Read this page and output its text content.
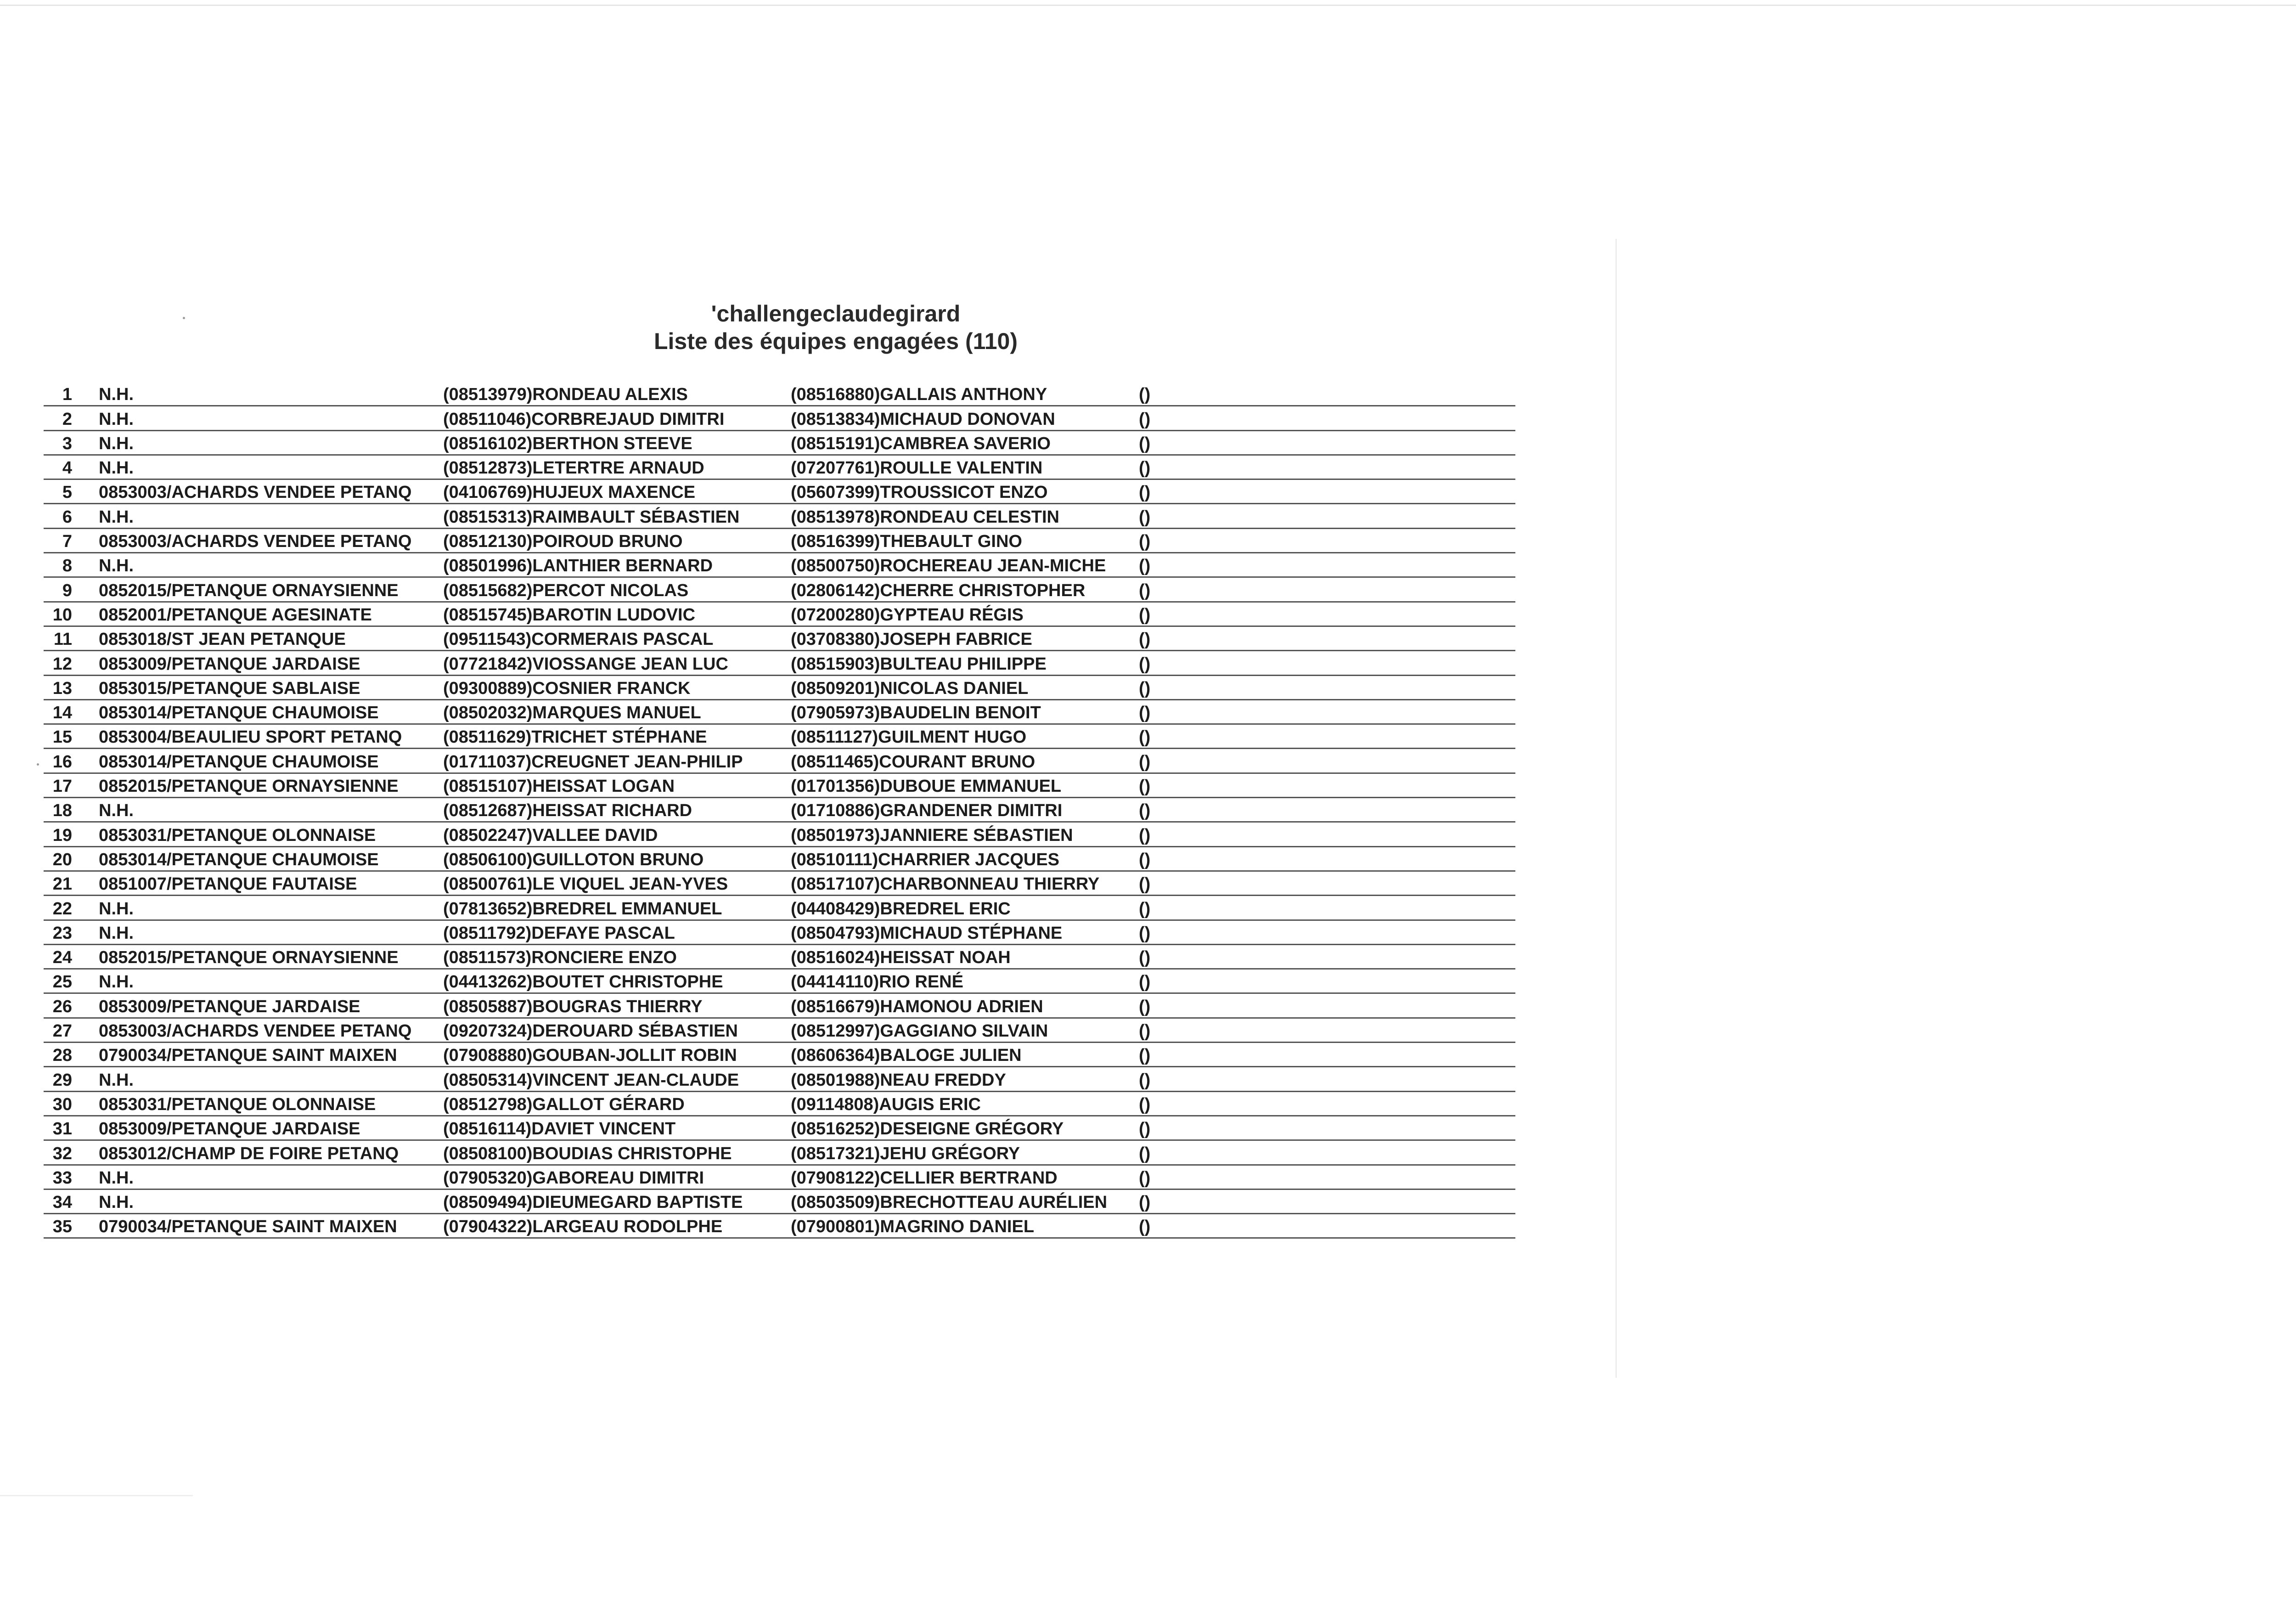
'challengeclaudegirard
Liste des équipes engagées (110)
1 N.H.	(08513979)RONDEAU ALEXIS	(08516880)GALLAIS ANTHONY	()
2 N.H.	(08511046)CORBREJAUD DIMITRI	(08513834)MICHAUD DONOVAN	()
3 N.H.	(08516102)BERTHON STEEVE	(08515191)CAMBREA SAVERIO	()
4 N.H.	(08512873)LETERTRE ARNAUD	(07207761)ROULLE VALENTIN	()
5 0853003/ACHARDS VENDEE PETANQ (04106769)HUJEUX MAXENCE	(05607399)TROUSSICOT ENZO	()
6 N.H.	(08515313)RAIMBAULT SÉBASTIEN	(08513978)RONDEAU CELESTIN	()
7 0853003/ACHARDS VENDEE PETANQ (08512130)POIROUD BRUNO	(08516399)THEBAULT GINO	()
8 N.H.	(08501996)LANTHIER BERNARD	(08500750)ROCHEREAU JEAN-MICHE ()
9 0852015/PETANQUE ORNAYSIENNE	(08515682)PERCOT NICOLAS	(02806142)CHERRE CHRISTOPHER	()
10 0852001/PETANQUE AGESINATE	(08515745)BAROTIN LUDOVIC	(07200280)GYPTEAU RÉGIS	()
11 0853018/ST JEAN PETANQUE	(09511543)CORMERAIS PASCAL	(03708380)JOSEPH FABRICE	()
12 0853009/PETANQUE JARDAISE	(07721842)VIOSSANGE JEAN LUC	(08515903)BULTEAU PHILIPPE	()
13 0853015/PETANQUE SABLAISE	(09300889)COSNIER FRANCK	(08509201)NICOLAS DANIEL	()
14 0853014/PETANQUE CHAUMOISE	(08502032)MARQUES MANUEL	(07905973)BAUDELIN BENOIT	()
15 0853004/BEAULIEU SPORT PETANQ (08511629)TRICHET STÉPHANE	(08511127)GUILMENT HUGO	()
16 0853014/PETANQUE CHAUMOISE	(01711037)CREUGNET JEAN-PHILIP	(08511465)COURANT BRUNO	()
17 0852015/PETANQUE ORNAYSIENNE	(08515107)HEISSAT LOGAN	(01701356)DUBOUE EMMANUEL	()
18 N.H.	(08512687)HEISSAT RICHARD	(01710886)GRANDENER DIMITRI	()
19 0853031/PETANQUE OLONNAISE	(08502247)VALLEE DAVID	(08501973)JANNIERE SÉBASTIEN	()
20 0853014/PETANQUE CHAUMOISE	(08506100)GUILLOTON BRUNO	(08510111)CHARRIER JACQUES	()
21 0851007/PETANQUE FAUTAISE	(08500761)LE VIQUEL JEAN-YVES	(08517107)CHARBONNEAU THIERRY ()
22 N.H.	(07813652)BREDREL EMMANUEL	(04408429)BREDREL ERIC	()
23 N.H.	(08511792)DEFAYE PASCAL	(08504793)MICHAUD STÉPHANE	()
24 0852015/PETANQUE ORNAYSIENNE	(08511573)RONCIERE ENZO	(08516024)HEISSAT NOAH	()
25 N.H.	(04413262)BOUTET CHRISTOPHE	(04414110)RIO RENÉ	()
26 0853009/PETANQUE JARDAISE	(08505887)BOUGRAS THIERRY	(08516679)HAMONOU ADRIEN	()
27 0853003/ACHARDS VENDEE PETANQ (09207324)DEROUARD SÉBASTIEN	(08512997)GAGGIANO SILVAIN	()
28 0790034/PETANQUE SAINT MAIXEN	(07908880)GOUBAN-JOLLIT ROBIN	(08606364)BALOGE JULIEN	()
29 N.H.	(08505314)VINCENT JEAN-CLAUDE	(08501988)NEAU FREDDY	()
30 0853031/PETANQUE OLONNAISE	(08512798)GALLOT GÉRARD	(09114808)AUGIS ERIC	()
31 0853009/PETANQUE JARDAISE	(08516114)DAVIET VINCENT	(08516252)DESEIGNE GRÉGORY	()
32 0853012/CHAMP DE FOIRE PETANQ	(08508100)BOUDIAS CHRISTOPHE	(08517321)JEHU GRÉGORY	()
33 N.H.	(07905320)GABOREAU DIMITRI	(07908122)CELLIER BERTRAND	()
34 N.H.	(08509494)DIEUMEGARD BAPTISTE	(08503509)BRECHOTTEAU AURÉLIEN ()
35 0790034/PETANQUE SAINT MAIXEN	(07904322)LARGEAU RODOLPHE	(07900801)MAGRINO DANIEL	()
